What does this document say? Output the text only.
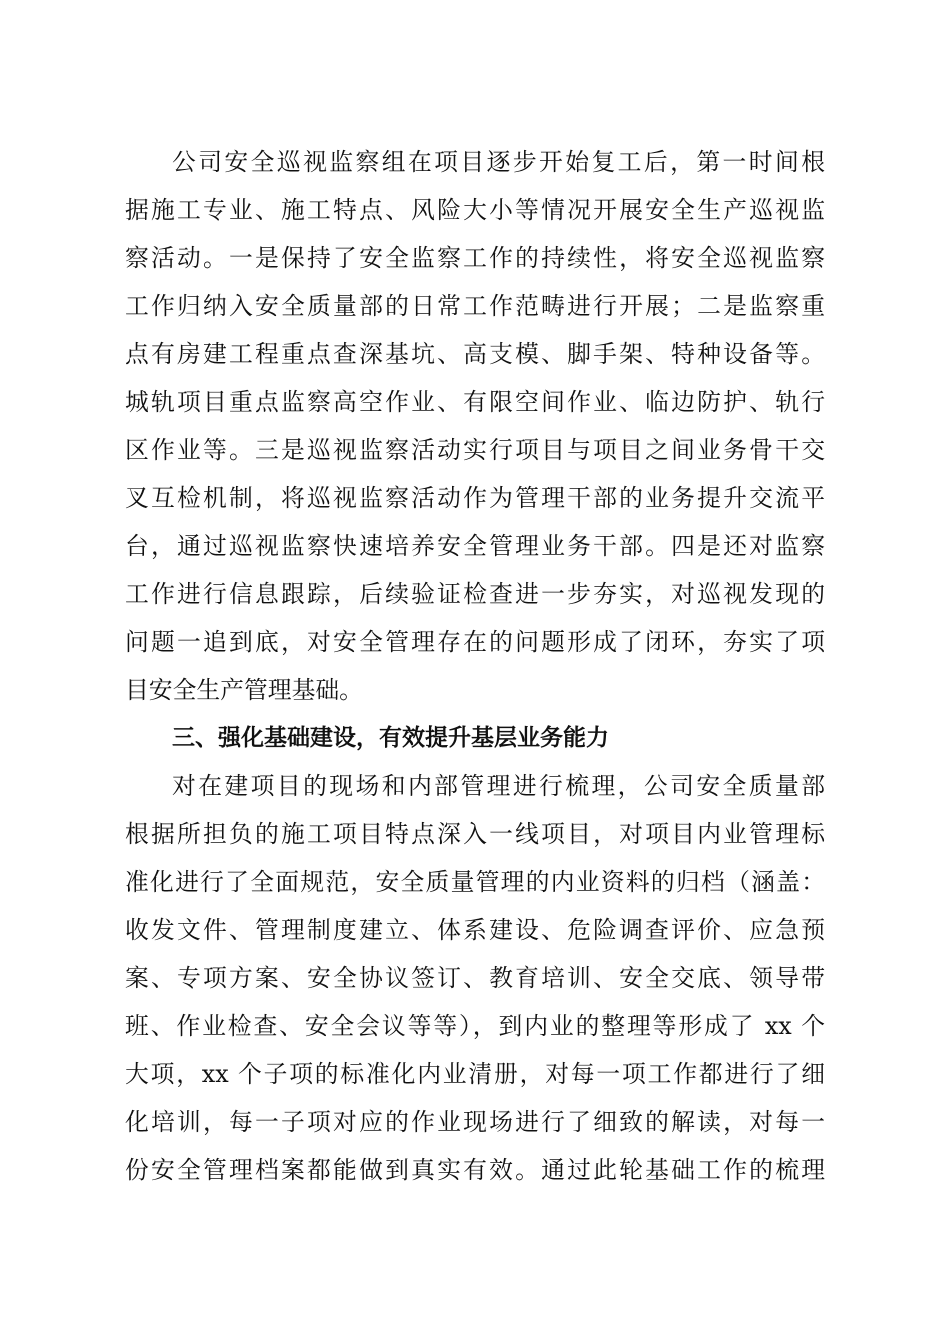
公司安全巡视监察组在项目逐步开始复工后，第一时间根
据施工专业、施工特点、风险大小等情况开展安全生产巡视监
察活动。一是保持了安全监察工作的持续性，将安全巡视监察
工作归纳入安全质量部的日常工作范畴进行开展；二是监察重
点有房建工程重点查深基坑、高支模、脚手架、特种设备等。
城轨项目重点监察高空作业、有限空间作业、临边防护、轨行
区作业等。三是巡视监察活动实行项目与项目之间业务骨干交
叉互检机制，将巡视监察活动作为管理干部的业务提升交流平
台，通过巡视监察快速培养安全管理业务干部。四是还对监察
工作进行信息跟踪，后续验证检查进一步夯实，对巡视发现的
问题一追到底，对安全管理存在的问题形成了闭环，夯实了项
目安全生产管理基础。
三、强化基础建设，有效提升基层业务能力
对在建项目的现场和内部管理进行梳理，公司安全质量部
根据所担负的施工项目特点深入一线项目，对项目内业管理标
准化进行了全面规范，安全质量管理的内业资料的归档（涵盖：
收发文件、管理制度建立、体系建设、危险调查评价、应急预
案、专项方案、安全协议签订、教育培训、安全交底、领导带
班、作业检查、安全会议等等），到内业的整理等形成了 xx 个
大项，xx 个子项的标准化内业清册，对每一项工作都进行了细
化培训，每一子项对应的作业现场进行了细致的解读，对每一
份安全管理档案都能做到真实有效。通过此轮基础工作的梳理
